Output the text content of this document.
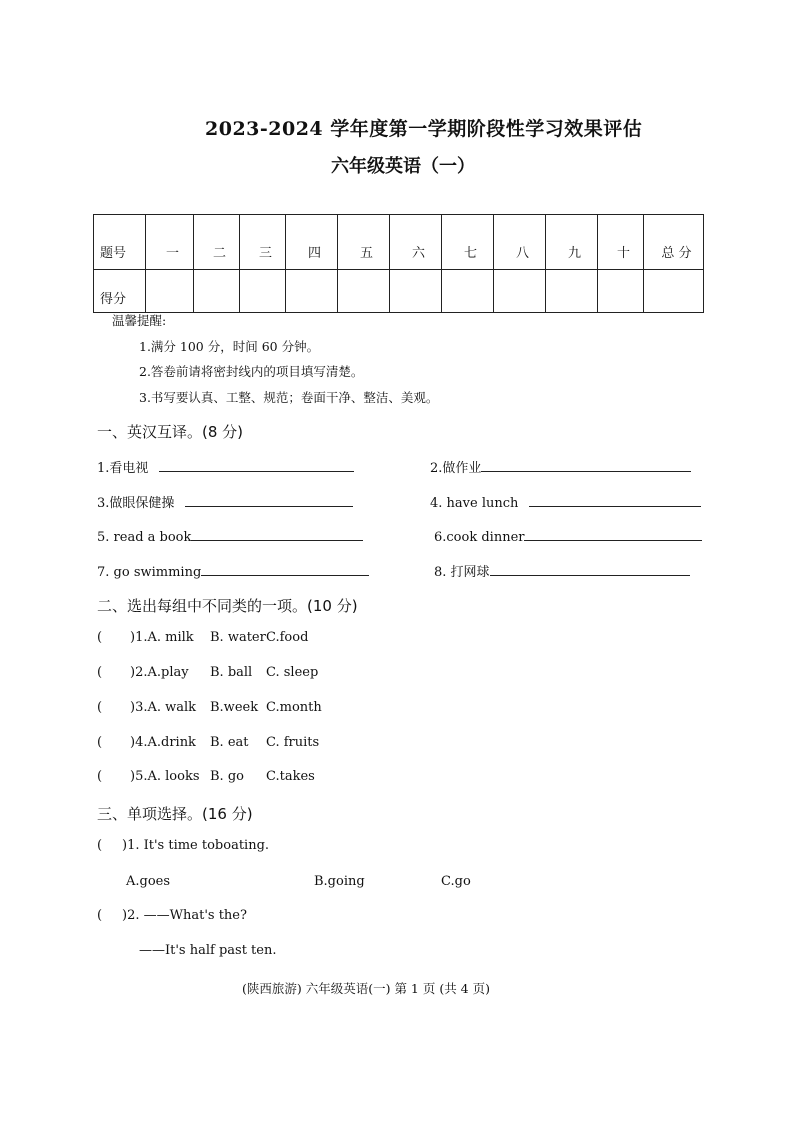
2023-2024 学年度第一学期阶段性学习效果评估
六年级英语（一）
题号	一	二	三	四	五	六	七	八	九	十	总 分
得分											
温馨提醒:
1.满分 100 分，时间 60 分钟。
2.答卷前请将密封线内的项目填写清楚。
3.书写要认真、工整、规范；卷面干净、整洁、美观。
一、英汉互译。(8 分)
1.看电视	2.做作业
3.做眼保健操	4. have lunch
5. read a book	6.cook dinner
7. go swimming	8. 打网球
二、选出每组中不同类的一项。(10 分)
( )1.A. milk B. water C.food
( )2.A.play B. ball C. sleep
( )3.A. walk B.week C.month
( )4.A.drink B. eat C. fruits
( )5.A. looks B. go C.takes
三、单项选择。(16 分)
( )1. It's time toboating.
A.goes	B.going	C.go
( )2. ——What's the?
——It's half past ten.
(陕西旅游) 六年级英语(一) 第 1 页 (共 4 页)
